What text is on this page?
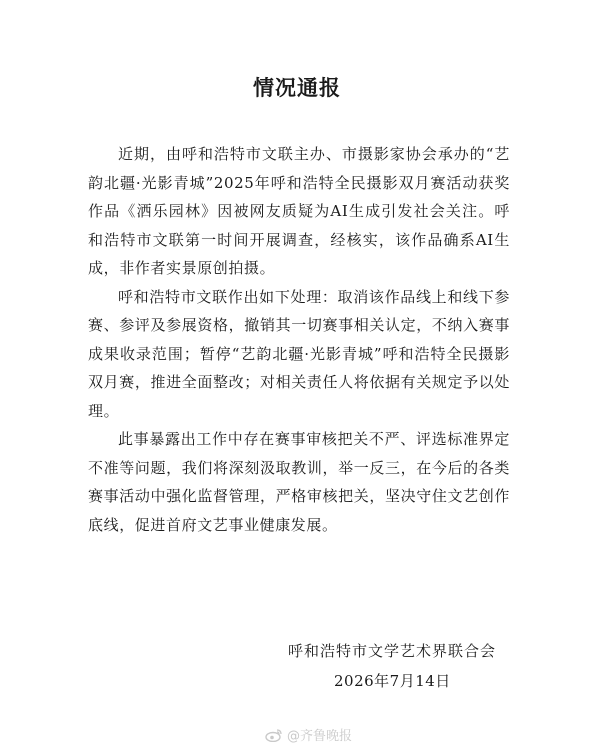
情况通报

近期，由呼和浩特市文联主办、市摄影家协会承办的“艺韵北疆·光影青城”2025年呼和浩特全民摄影双月赛活动获奖作品《洒乐园林》因被网友质疑为AI生成引发社会关注。呼和浩特市文联第一时间开展调查，经核实，该作品确系AI生成，非作者实景原创拍摄。

呼和浩特市文联作出如下处理：取消该作品线上和线下参赛、参评及参展资格，撤销其一切赛事相关认定，不纳入赛事成果收录范围；暂停“艺韵北疆·光影青城”呼和浩特全民摄影双月赛，推进全面整改；对相关责任人将依据有关规定予以处理。

此事暴露出工作中存在赛事审核把关不严、评选标准界定不准等问题，我们将深刻汲取教训，举一反三，在今后的各类赛事活动中强化监督管理，严格审核把关，坚决守住文艺创作底线，促进首府文艺事业健康发展。

呼和浩特市文学艺术界联合会
2026年7月14日
@齐鲁晚报
